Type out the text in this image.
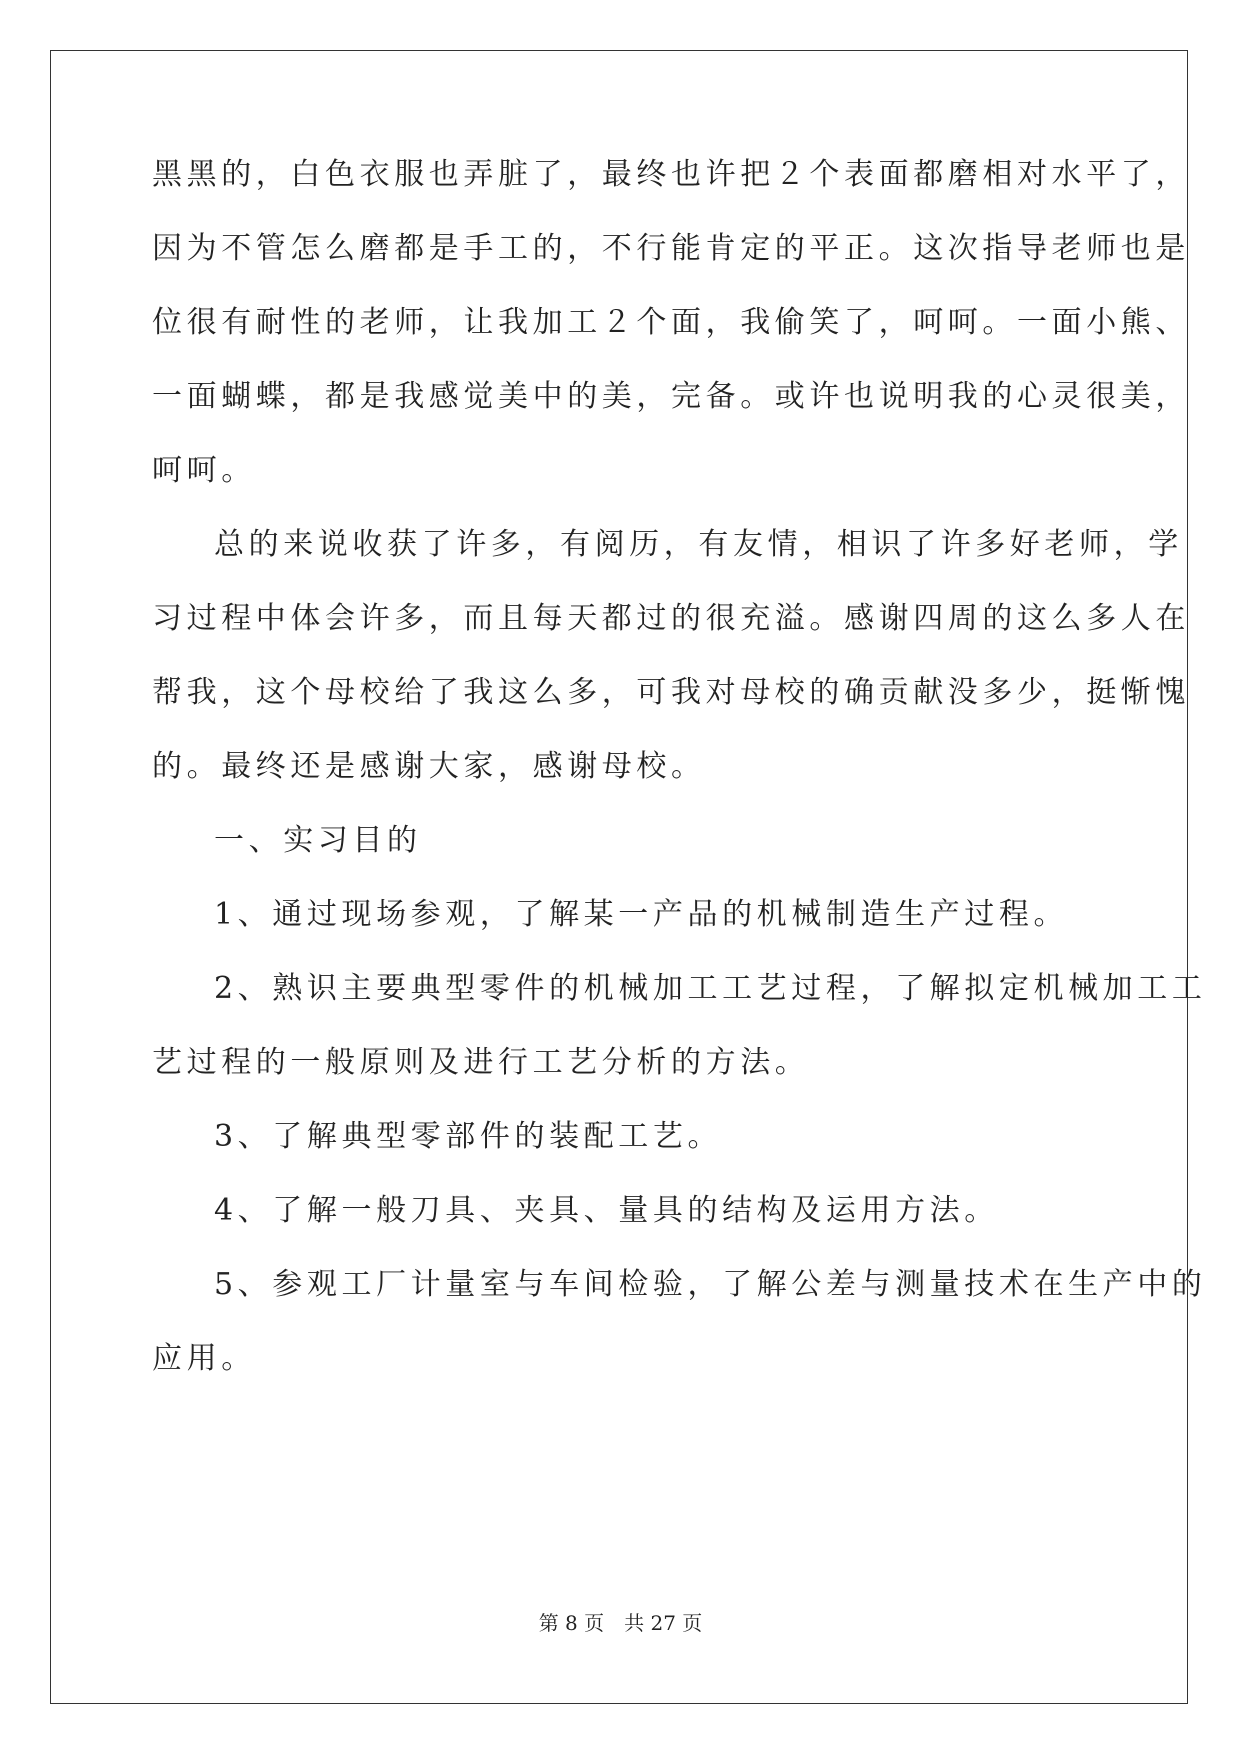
黑黑的，白色衣服也弄脏了，最终也许把２个表面都磨相对水平了，
因为不管怎么磨都是手工的，不行能肯定的平正。这次指导老师也是
位很有耐性的老师，让我加工２个面，我偷笑了，呵呵。一面小熊、
一面蝴蝶，都是我感觉美中的美，完备。或许也说明我的心灵很美，
呵呵。
总的来说收获了许多，有阅历，有友情，相识了许多好老师，学
习过程中体会许多，而且每天都过的很充溢。感谢四周的这么多人在
帮我，这个母校给了我这么多，可我对母校的确贡献没多少，挺惭愧
的。最终还是感谢大家，感谢母校。
一、实习目的
1、通过现场参观，了解某一产品的机械制造生产过程。
2、熟识主要典型零件的机械加工工艺过程，了解拟定机械加工工
艺过程的一般原则及进行工艺分析的方法。
3、了解典型零部件的装配工艺。
4、了解一般刀具、夹具、量具的结构及运用方法。
5、参观工厂计量室与车间检验，了解公差与测量技术在生产中的
应用。
第 8 页 共 27 页
